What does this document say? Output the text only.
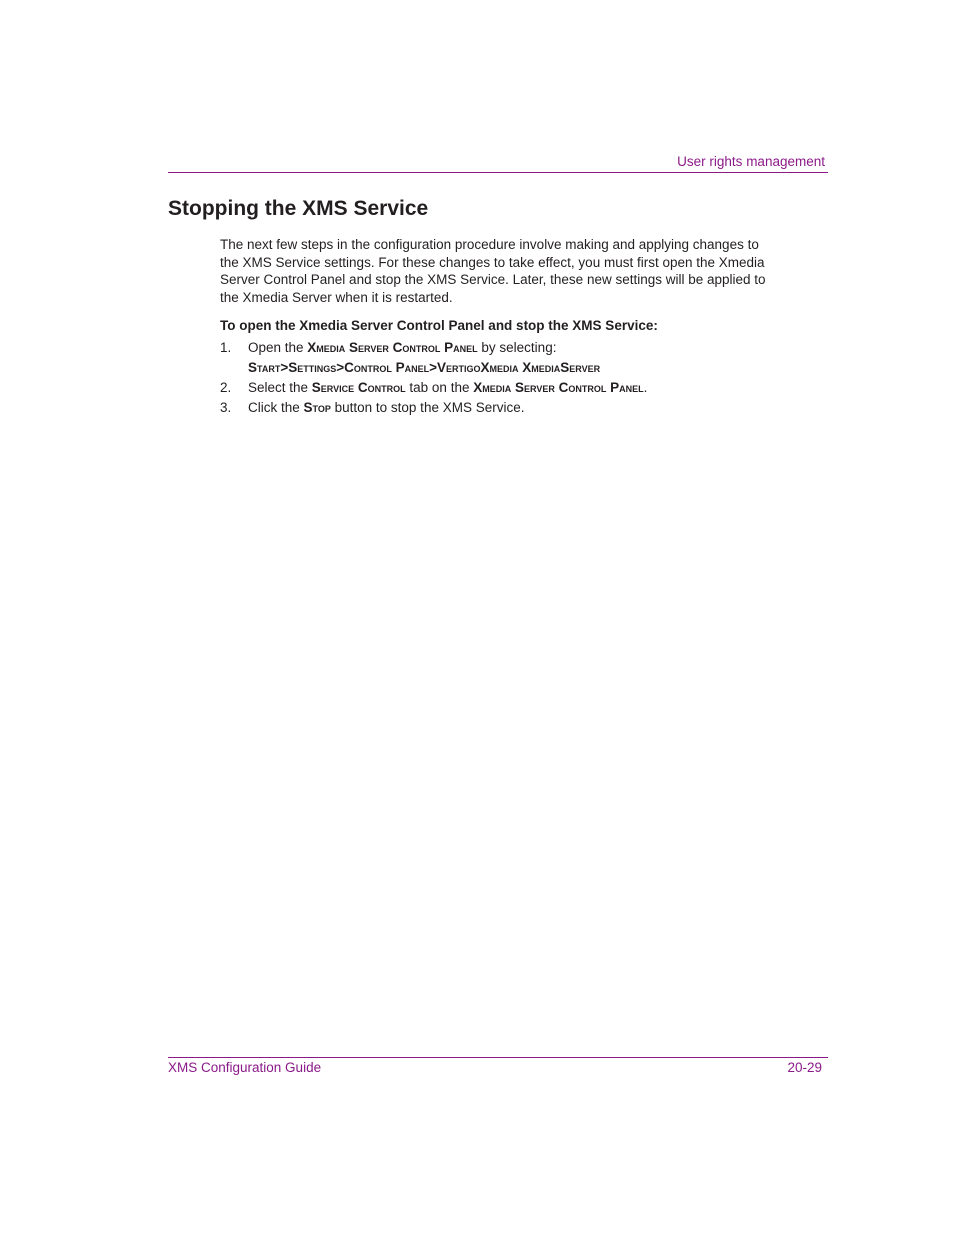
User rights management
Stopping the XMS Service

The next few steps in the configuration procedure involve making and applying changes to the XMS Service settings. For these changes to take effect, you must first open the Xmedia Server Control Panel and stop the XMS Service. Later, these new settings will be applied to the Xmedia Server when it is restarted.

To open the Xmedia Server Control Panel and stop the XMS Service:

1. Open the Xmedia Server Control Panel by selecting:
Start>Settings>Control Panel>VertigoXmedia XmediaServer
2. Select the Service Control tab on the Xmedia Server Control Panel.
3. Click the Stop button to stop the XMS Service.
XMS Configuration Guide	20-29
